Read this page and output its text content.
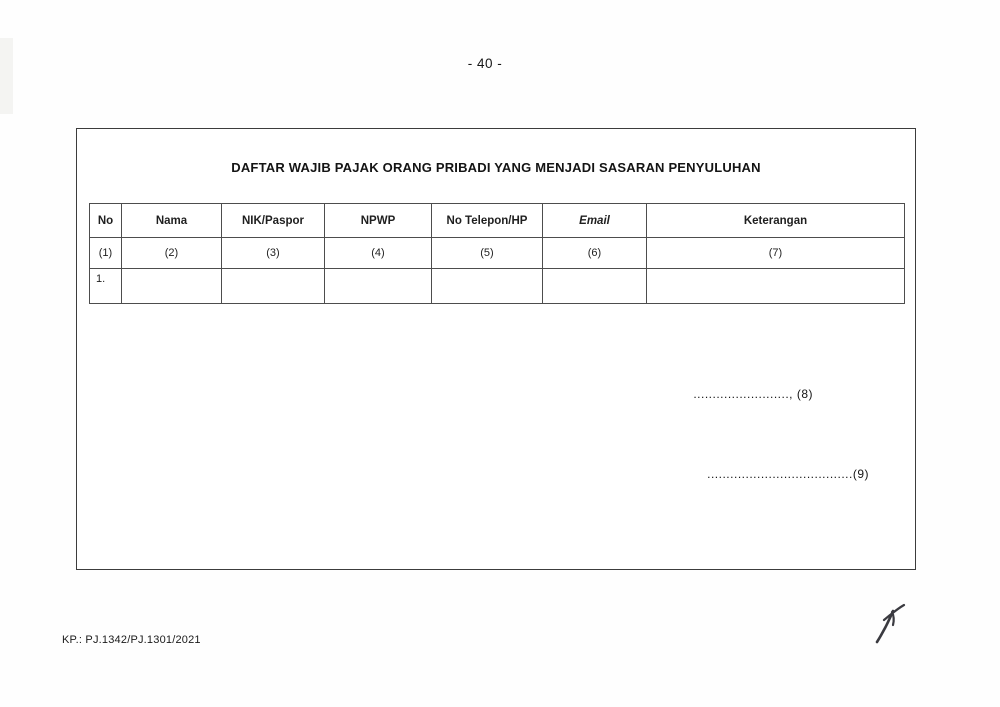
- 40 -
DAFTAR WAJIB PAJAK ORANG PRIBADI YANG MENJADI SASARAN PENYULUHAN
No	Nama	NIK/Paspor	NPWP	No Telepon/HP	Email	Keterangan
(1)	(2)	(3)	(4)	(5)	(6)	(7)
1.						
........................., (8)
......................................(9)
KP.: PJ.1342/PJ.1301/2021
